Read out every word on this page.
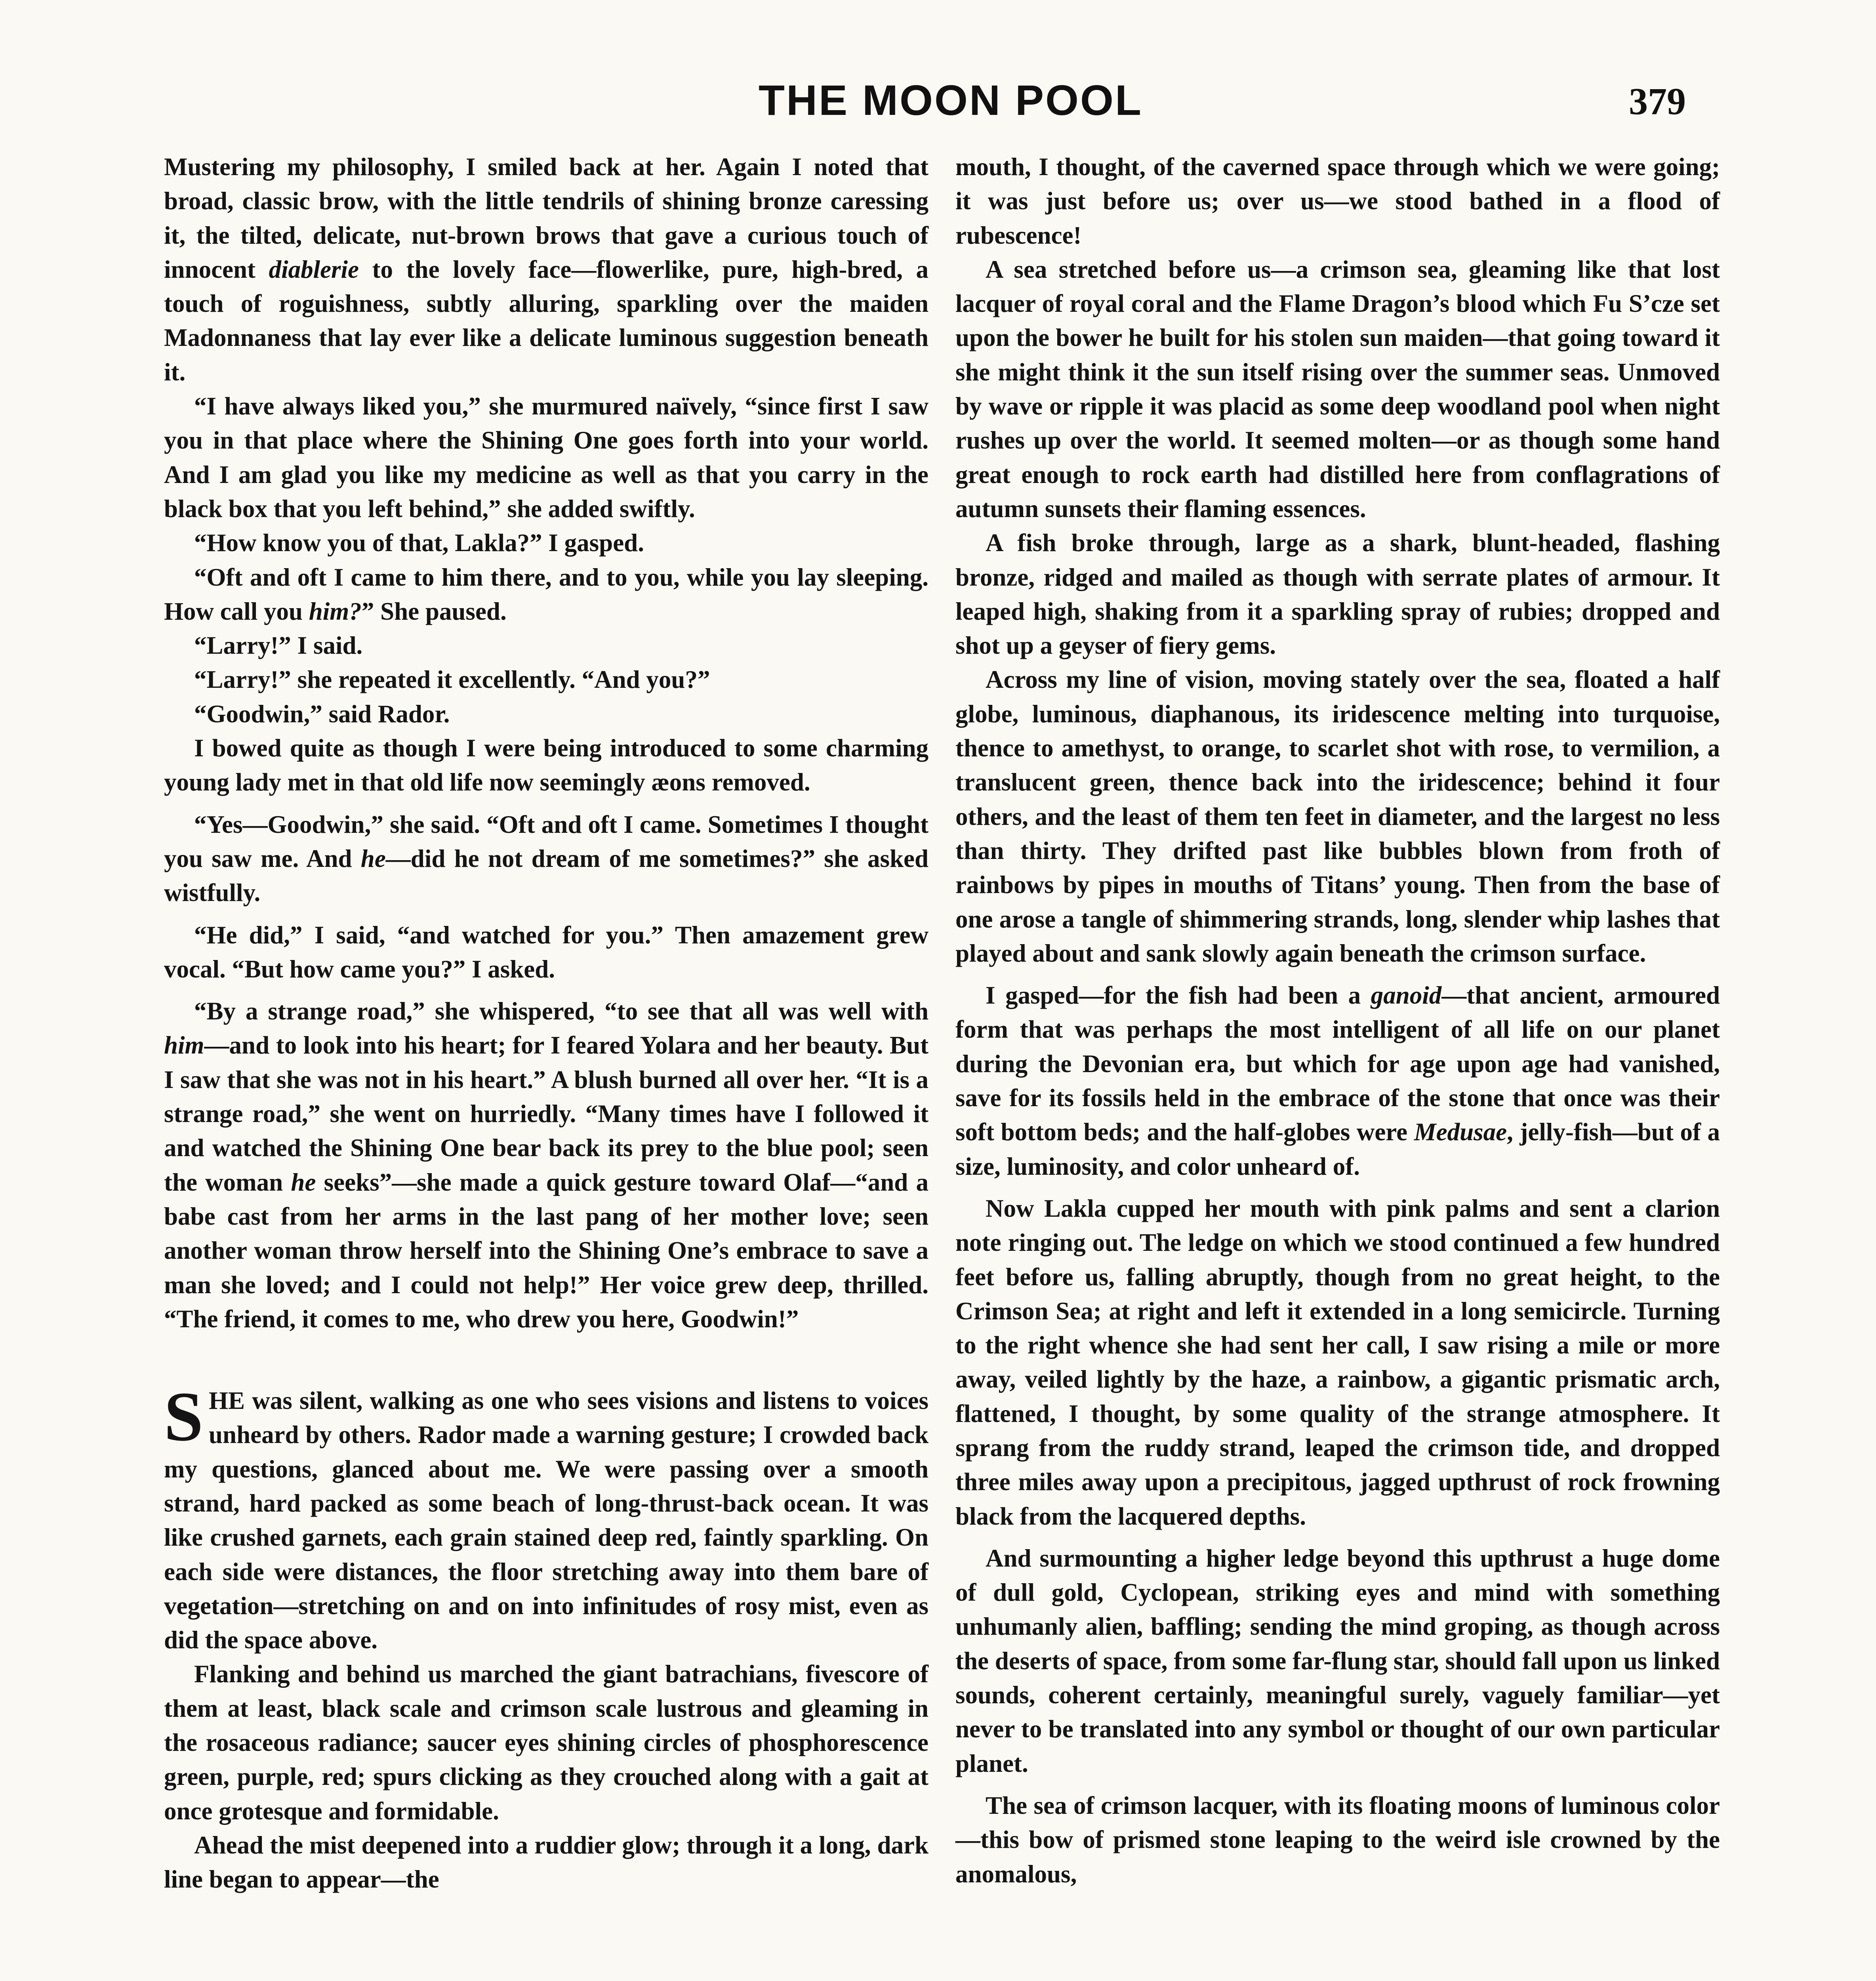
THE MOON POOL	379

Mustering my philosophy, I smiled back at her. Again I noted that broad, classic brow, with the little tendrils of shining bronze caressing it, the tilted, delicate, nut-brown brows that gave a curious touch of innocent diablerie to the lovely face—flowerlike, pure, high-bred, a touch of roguishness, subtly alluring, sparkling over the maiden Madonnaness that lay ever like a delicate luminous suggestion beneath it.

“I have always liked you,” she murmured naïvely, “since first I saw you in that place where the Shining One goes forth into your world. And I am glad you like my medicine as well as that you carry in the black box that you left behind,” she added swiftly.

“How know you of that, Lakla?” I gasped.

“Oft and oft I came to him there, and to you, while you lay sleeping. How call you him?” She paused.

“Larry!” I said.

“Larry!” she repeated it excellently. “And you?”

“Goodwin,” said Rador.

I bowed quite as though I were being introduced to some charming young lady met in that old life now seemingly æons removed.

“Yes—Goodwin,” she said. “Oft and oft I came. Sometimes I thought you saw me. And he—did he not dream of me sometimes?” she asked wistfully.

“He did,” I said, “and watched for you.” Then amazement grew vocal. “But how came you?” I asked.

“By a strange road,” she whispered, “to see that all was well with him—and to look into his heart; for I feared Yolara and her beauty. But I saw that she was not in his heart.” A blush burned all over her. “It is a strange road,” she went on hurriedly. “Many times have I followed it and watched the Shining One bear back its prey to the blue pool; seen the woman he seeks”—she made a quick gesture toward Olaf—“and a babe cast from her arms in the last pang of her mother love; seen another woman throw herself into the Shining One’s embrace to save a man she loved; and I could not help!” Her voice grew deep, thrilled. “The friend, it comes to me, who drew you here, Goodwin!”

SHE was silent, walking as one who sees visions and listens to voices unheard by others. Rador made a warning gesture; I crowded back my questions, glanced about me. We were passing over a smooth strand, hard packed as some beach of long-thrust-back ocean. It was like crushed garnets, each grain stained deep red, faintly sparkling. On each side were distances, the floor stretching away into them bare of vegetation—stretching on and on into infinitudes of rosy mist, even as did the space above.

Flanking and behind us marched the giant batrachians, fivescore of them at least, black scale and crimson scale lustrous and gleaming in the rosaceous radiance; saucer eyes shining circles of phosphorescence green, purple, red; spurs clicking as they crouched along with a gait at once grotesque and formidable.

Ahead the mist deepened into a ruddier glow; through it a long, dark line began to appear—the

mouth, I thought, of the caverned space through which we were going; it was just before us; over us—we stood bathed in a flood of rubescence!

A sea stretched before us—a crimson sea, gleaming like that lost lacquer of royal coral and the Flame Dragon’s blood which Fu S’cze set upon the bower he built for his stolen sun maiden—that going toward it she might think it the sun itself rising over the summer seas. Unmoved by wave or ripple it was placid as some deep woodland pool when night rushes up over the world. It seemed molten—or as though some hand great enough to rock earth had distilled here from conflagrations of autumn sunsets their flaming essences.

A fish broke through, large as a shark, blunt-headed, flashing bronze, ridged and mailed as though with serrate plates of armour. It leaped high, shaking from it a sparkling spray of rubies; dropped and shot up a geyser of fiery gems.

Across my line of vision, moving stately over the sea, floated a half globe, luminous, diaphanous, its iridescence melting into turquoise, thence to amethyst, to orange, to scarlet shot with rose, to vermilion, a translucent green, thence back into the iridescence; behind it four others, and the least of them ten feet in diameter, and the largest no less than thirty. They drifted past like bubbles blown from froth of rainbows by pipes in mouths of Titans’ young. Then from the base of one arose a tangle of shimmering strands, long, slender whip lashes that played about and sank slowly again beneath the crimson surface.

I gasped—for the fish had been a ganoid—that ancient, armoured form that was perhaps the most intelligent of all life on our planet during the Devonian era, but which for age upon age had vanished, save for its fossils held in the embrace of the stone that once was their soft bottom beds; and the half-globes were Medusae, jelly-fish—but of a size, luminosity, and color unheard of.

Now Lakla cupped her mouth with pink palms and sent a clarion note ringing out. The ledge on which we stood continued a few hundred feet before us, falling abruptly, though from no great height, to the Crimson Sea; at right and left it extended in a long semicircle. Turning to the right whence she had sent her call, I saw rising a mile or more away, veiled lightly by the haze, a rainbow, a gigantic prismatic arch, flattened, I thought, by some quality of the strange atmosphere. It sprang from the ruddy strand, leaped the crimson tide, and dropped three miles away upon a precipitous, jagged upthrust of rock frowning black from the lacquered depths.

And surmounting a higher ledge beyond this upthrust a huge dome of dull gold, Cyclopean, striking eyes and mind with something unhumanly alien, baffling; sending the mind groping, as though across the deserts of space, from some far-flung star, should fall upon us linked sounds, coherent certainly, meaningful surely, vaguely familiar—yet never to be translated into any symbol or thought of our own particular planet.

The sea of crimson lacquer, with its floating moons of luminous color—this bow of prismed stone leaping to the weird isle crowned by the anomalous,
